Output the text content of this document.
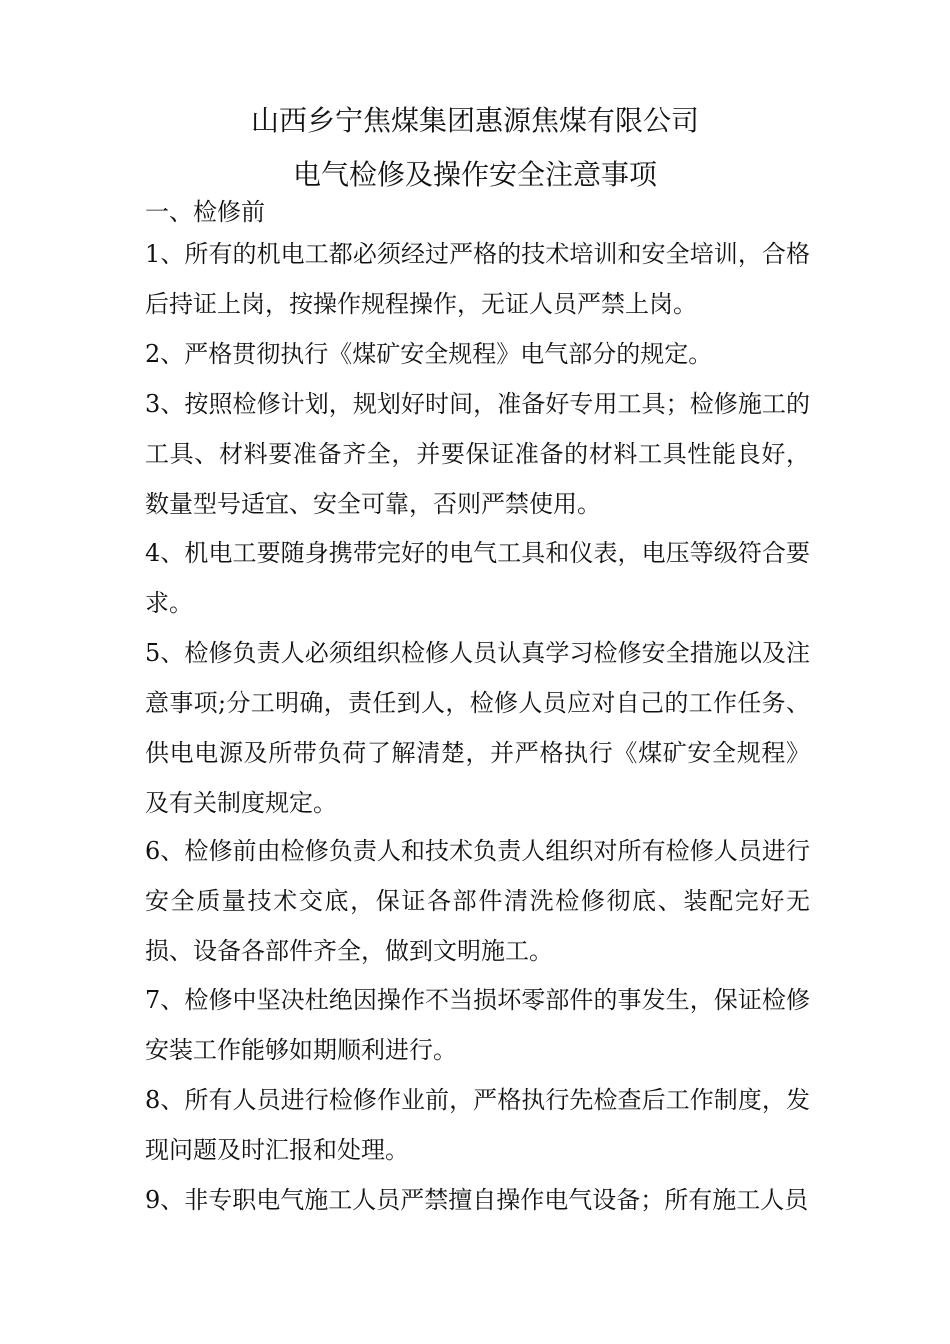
山西乡宁焦煤集团惠源焦煤有限公司
电气检修及操作安全注意事项
一、检修前
1、所有的机电工都必须经过严格的技术培训和安全培训，合格后持证上岗，按操作规程操作，无证人员严禁上岗。
2、严格贯彻执行《煤矿安全规程》电气部分的规定。
3、按照检修计划，规划好时间，准备好专用工具；检修施工的工具、材料要准备齐全，并要保证准备的材料工具性能良好，数量型号适宜、安全可靠，否则严禁使用。
4、机电工要随身携带完好的电气工具和仪表，电压等级符合要求。
5、检修负责人必须组织检修人员认真学习检修安全措施以及注意事项;分工明确，责任到人，检修人员应对自己的工作任务、供电电源及所带负荷了解清楚，并严格执行《煤矿安全规程》及有关制度规定。
6、检修前由检修负责人和技术负责人组织对所有检修人员进行安全质量技术交底，保证各部件清洗检修彻底、装配完好无损、设备各部件齐全，做到文明施工。
7、检修中坚决杜绝因操作不当损坏零部件的事发生，保证检修安装工作能够如期顺利进行。
8、所有人员进行检修作业前，严格执行先检查后工作制度，发现问题及时汇报和处理。
9、非专职电气施工人员严禁擅自操作电气设备；所有施工人员
